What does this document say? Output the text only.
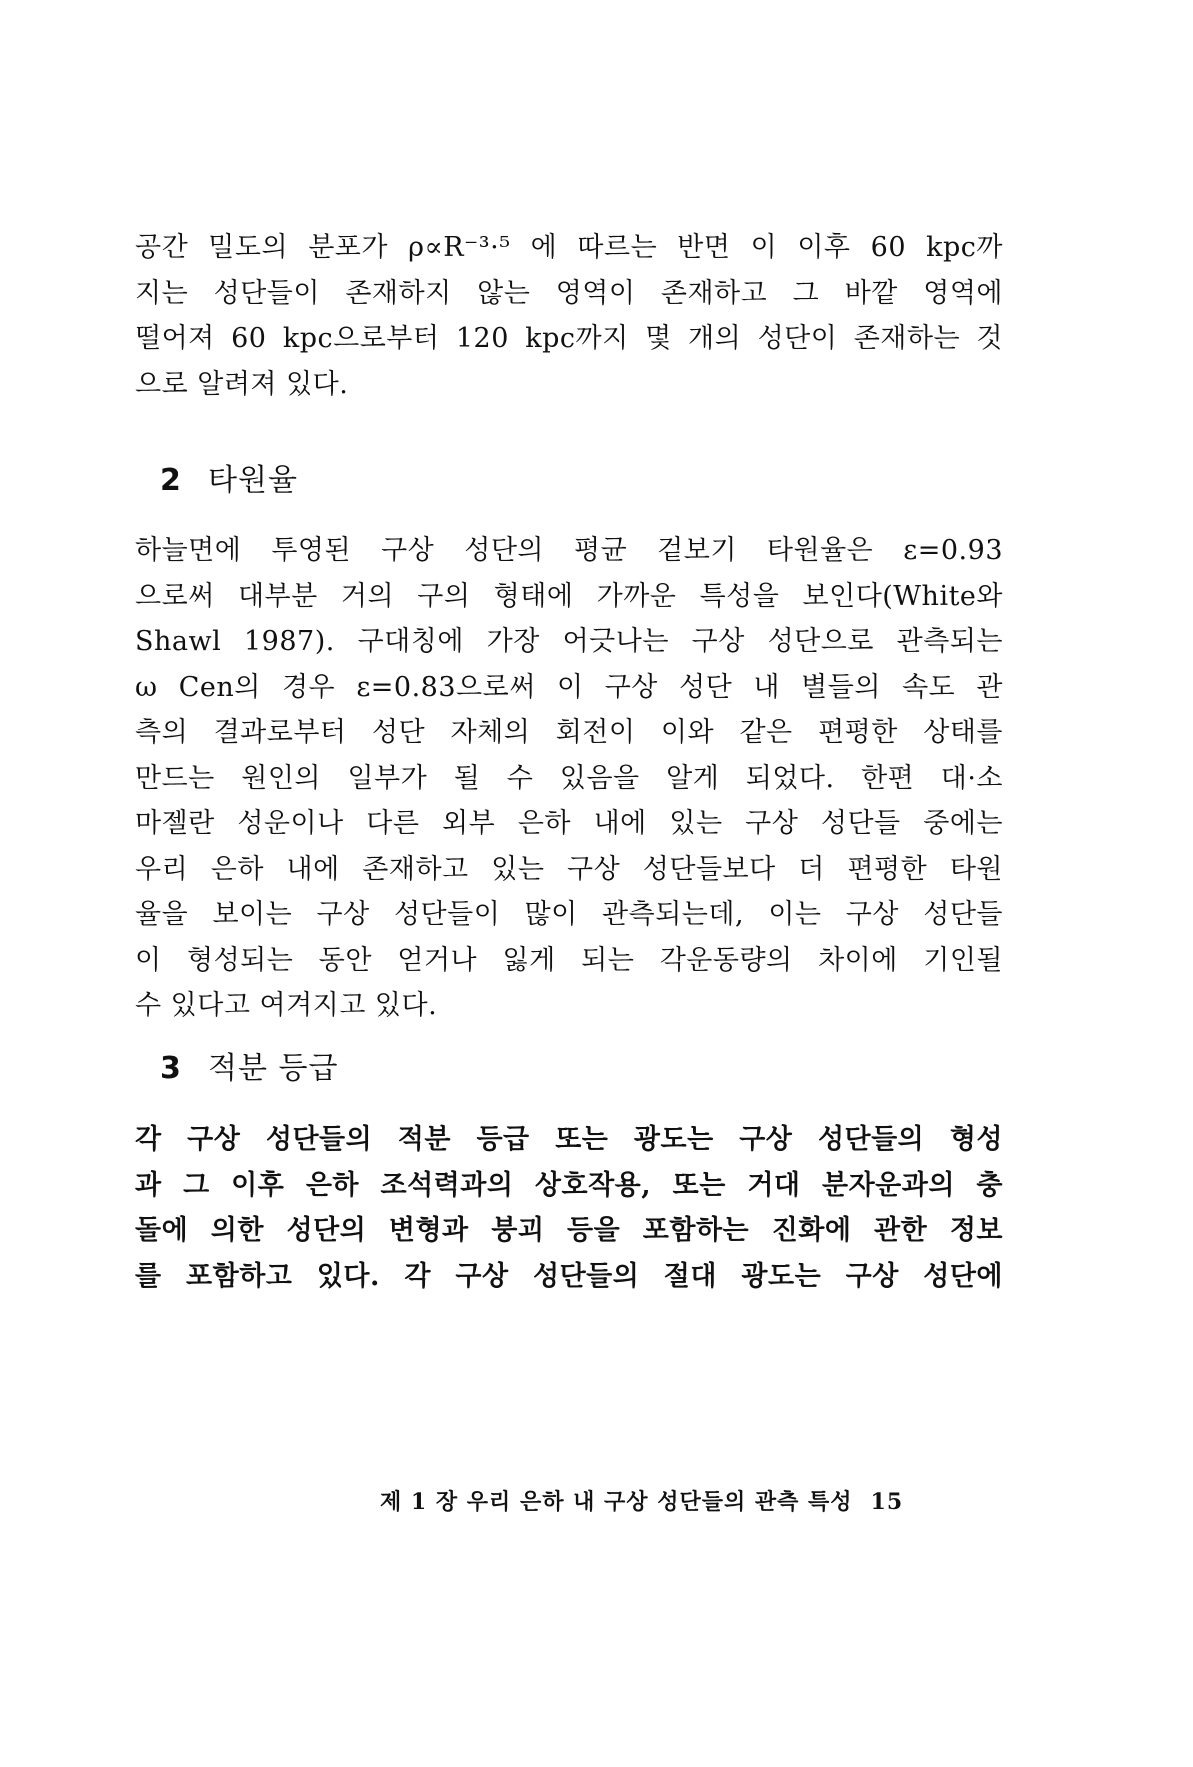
공간 밀도의 분포가 ρ∝R⁻³·⁵ 에 따르는 반면 이 이후 60 kpc까
지는 성단들이 존재하지 않는 영역이 존재하고 그 바깥 영역에
떨어져 60 kpc으로부터 120 kpc까지 몇 개의 성단이 존재하는 것
으로 알려져 있다.
2 타원율
하늘면에 투영된 구상 성단의 평균 겉보기 타원율은 ε=0.93
으로써 대부분 거의 구의 형태에 가까운 특성을 보인다(White와
Shawl 1987). 구대칭에 가장 어긋나는 구상 성단으로 관측되는
ω Cen의 경우 ε=0.83으로써 이 구상 성단 내 별들의 속도 관
측의 결과로부터 성단 자체의 회전이 이와 같은 편평한 상태를
만드는 원인의 일부가 될 수 있음을 알게 되었다. 한편 대·소
마젤란 성운이나 다른 외부 은하 내에 있는 구상 성단들 중에는
우리 은하 내에 존재하고 있는 구상 성단들보다 더 편평한 타원
율을 보이는 구상 성단들이 많이 관측되는데, 이는 구상 성단들
이 형성되는 동안 얻거나 잃게 되는 각운동량의 차이에 기인될
수 있다고 여겨지고 있다.
3 적분 등급
각 구상 성단들의 적분 등급 또는 광도는 구상 성단들의 형성
과 그 이후 은하 조석력과의 상호작용, 또는 거대 분자운과의 충
돌에 의한 성단의 변형과 붕괴 등을 포함하는 진화에 관한 정보
를 포함하고 있다. 각 구상 성단들의 절대 광도는 구상 성단에
제 1 장 우리 은하 내 구상 성단들의 관측 특성 15
